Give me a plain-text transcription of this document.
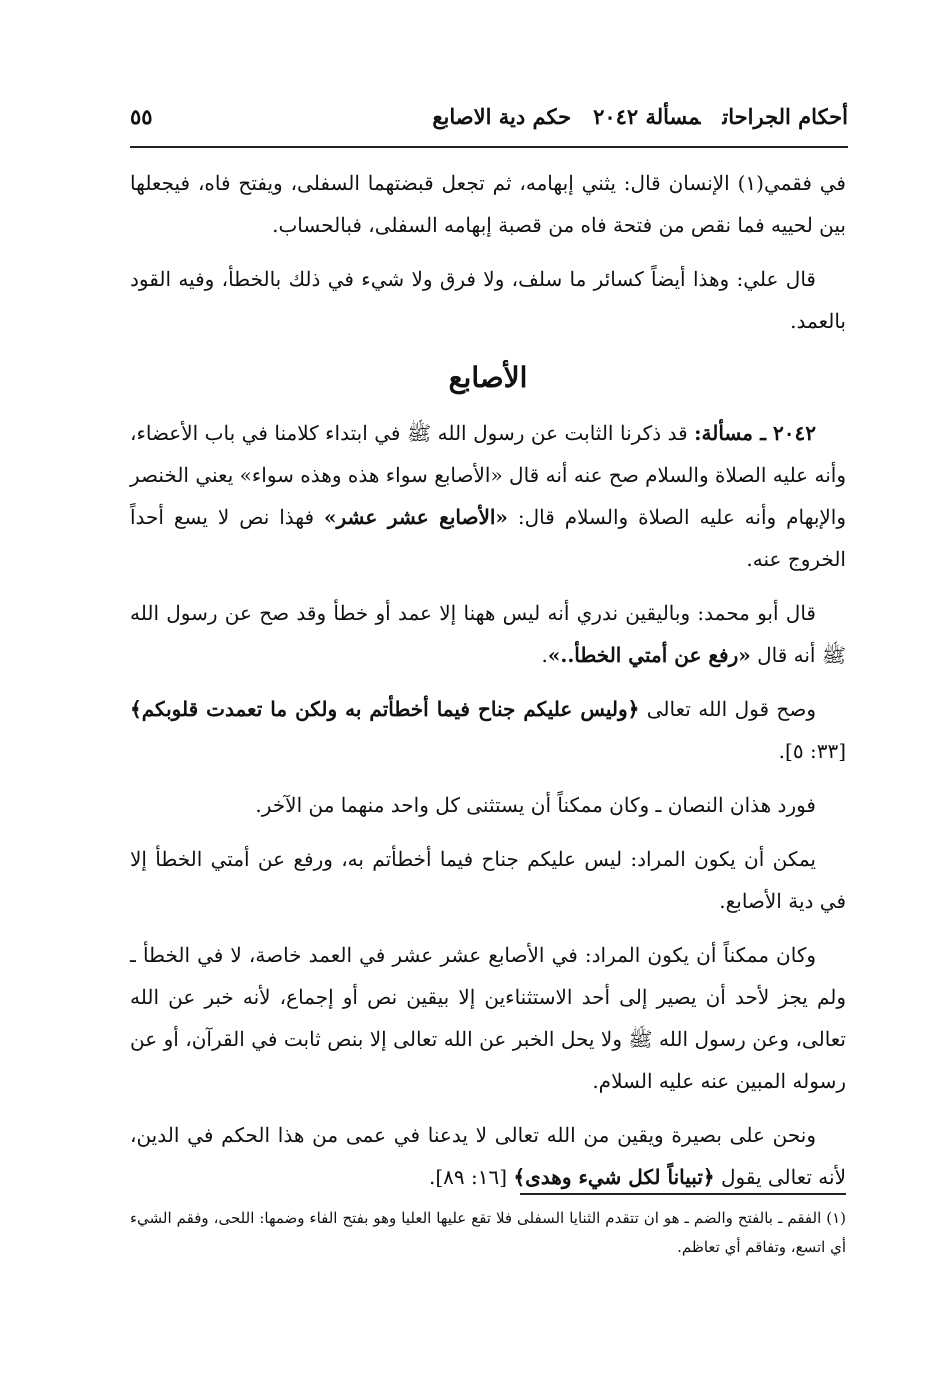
أحكام الجراحاتمسألة ٢٠٤٢حكم دية الاصابع
٥٥

في فقمي(١) الإنسان قال: يثني إبهامه، ثم تجعل قبضتهما السفلى، ويفتح فاه، فيجعلها بين لحييه فما نقص من فتحة فاه من قصبة إبهامه السفلى، فبالحساب.

قال علي: وهذا أيضاً كسائر ما سلف، ولا فرق ولا شيء في ذلك بالخطأ، وفيه القود بالعمد.

الأصابع

٢٠٤٢ ـ مسألة: قد ذكرنا الثابت عن رسول الله ﷺ في ابتداء كلامنا في باب الأعضاء، وأنه عليه الصلاة والسلام صح عنه أنه قال «الأصابع سواء هذه وهذه سواء» يعني الخنصر والإبهام وأنه عليه الصلاة والسلام قال: «الأصابع عشر عشر» فهذا نص لا يسع أحداً الخروج عنه.

قال أبو محمد: وباليقين ندري أنه ليس ههنا إلا عمد أو خطأ وقد صح عن رسول الله ﷺ أنه قال «رفع عن أمتي الخطأ..».

وصح قول الله تعالى ﴿وليس عليكم جناح فيما أخطأتم به ولكن ما تعمدت قلوبكم﴾ [٣٣: ٥].

فورد هذان النصان ـ وكان ممكناً أن يستثنى كل واحد منهما من الآخر.

يمكن أن يكون المراد: ليس عليكم جناح فيما أخطأتم به، ورفع عن أمتي الخطأ إلا في دية الأصابع.

وكان ممكناً أن يكون المراد: في الأصابع عشر عشر في العمد خاصة، لا في الخطأ ـ ولم يجز لأحد أن يصير إلى أحد الاستثناءين إلا بيقين نص أو إجماع، لأنه خبر عن الله تعالى، وعن رسول الله ﷺ ولا يحل الخبر عن الله تعالى إلا بنص ثابت في القرآن، أو عن رسوله المبين عنه عليه السلام.

ونحن على بصيرة ويقين من الله تعالى لا يدعنا في عمى من هذا الحكم في الدين، لأنه تعالى يقول ﴿تبياناً لكل شيء وهدى﴾ [١٦: ٨٩].

(١) الفقم ـ بالفتح والضم ـ هو ان تتقدم الثنايا السفلى فلا تقع عليها العليا وهو بفتح الفاء وضمها: اللحى، وفقم الشيء أي اتسع، وتفاقم أي تعاظم.
